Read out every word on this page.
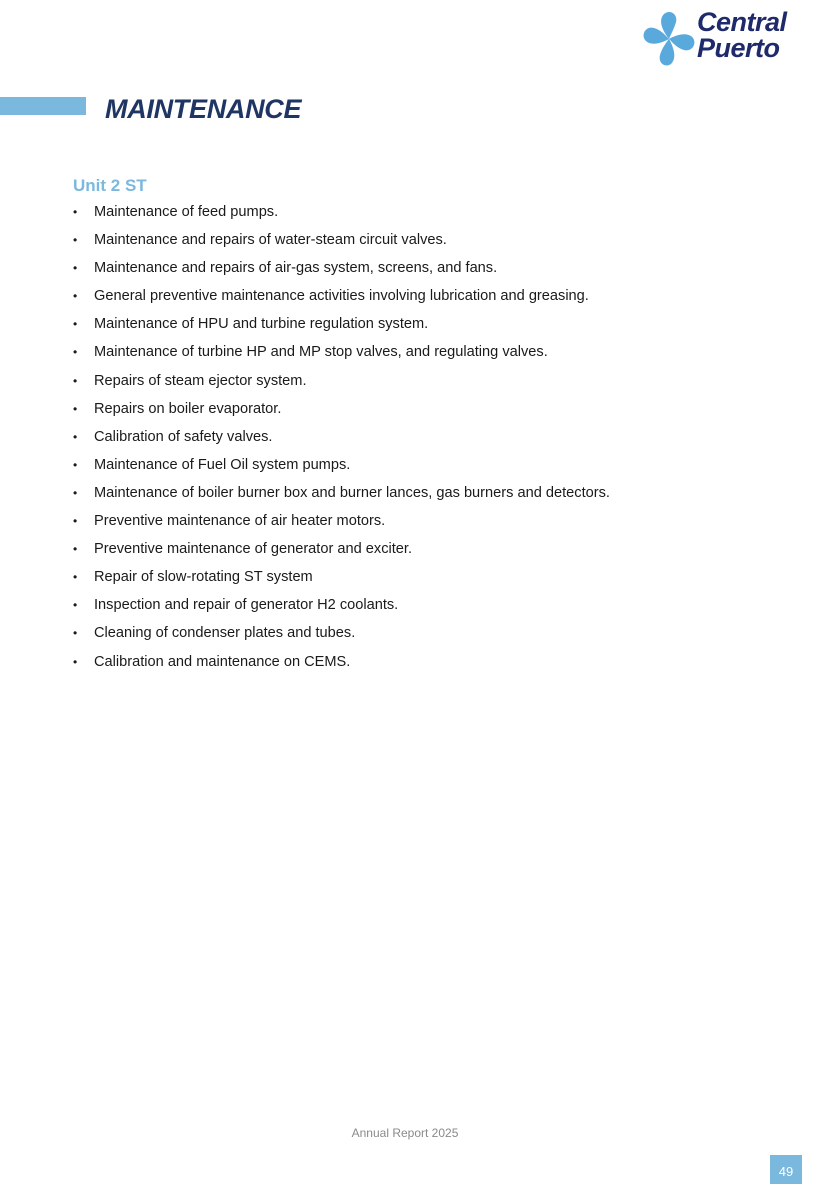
Central
Puerto
MAINTENANCE
Unit 2 ST
•	Maintenance of feed pumps.
•	Maintenance and repairs of water-steam circuit valves.
•	Maintenance and repairs of air-gas system, screens, and fans.
•	General preventive maintenance activities involving lubrication and greasing.
•	Maintenance of HPU and turbine regulation system.
•	Maintenance of turbine HP and MP stop valves, and regulating valves.
•	Repairs of steam ejector system.
•	Repairs on boiler evaporator.
•	Calibration of safety valves.
•	Maintenance of Fuel Oil system pumps.
•	Maintenance of boiler burner box and burner lances, gas burners and detectors.
•	Preventive maintenance of air heater motors.
•	Preventive maintenance of generator and exciter.
•	Repair of slow-rotating ST system
•	Inspection and repair of generator H2 coolants.
•	Cleaning of condenser plates and tubes.
•	Calibration and maintenance on CEMS.
Annual Report 2025
49
